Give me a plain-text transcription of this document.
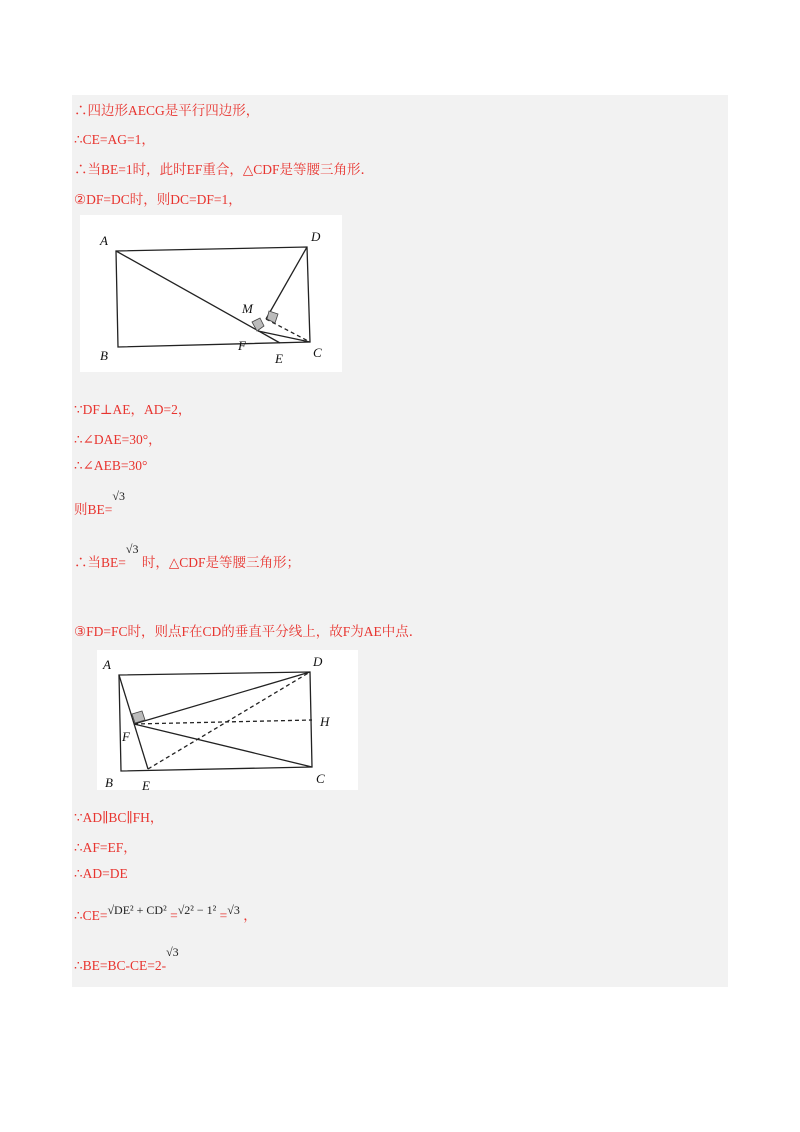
∴四边形AECG是平行四边形，
∴CE=AG=1，
∴当BE=1时，此时EF重合，△CDF是等腰三角形．
②DF=DC时，则DC=DF=1，
A	D
M
B
F
E C
∵DF⊥AE，AD=2，
∴∠DAE=30°，
∴∠AEB=30°
则BE=√3
∴当BE=√3 时，△CDF是等腰三角形；
③FD=FC时，则点F在CD的垂直平分线上，故F为AE中点．
A	D
H
F
B E	C
∵AD∥BC∥FH，
∴AF=EF，
∴AD=DE
∴CE=√DE² + CD² =√2² − 1² =√3 ，
∴BE=BC-CE=2-√3
